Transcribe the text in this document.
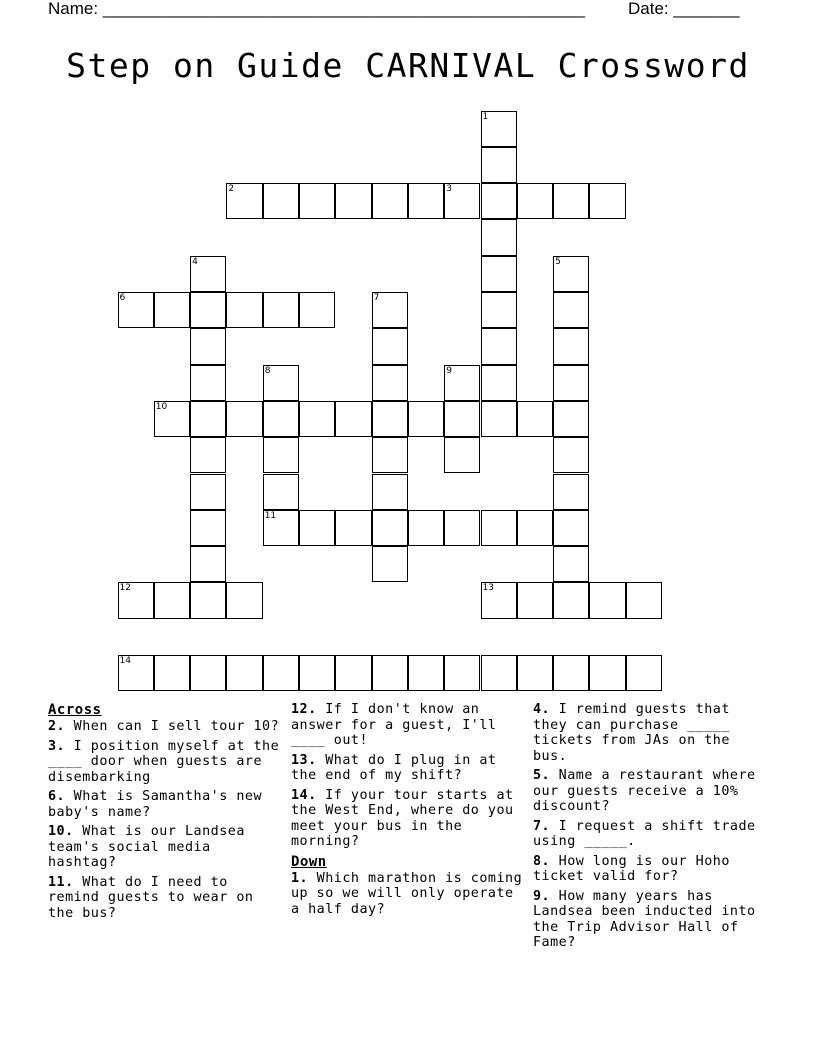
Name: ___________________________________________________	Date: _______
Step on Guide CARNIVAL Crossword
1
2	3
4	5
6	7
8	9
10
11
12	13
14
Across
2. When can I sell tour 10?
3. I position myself at the ____ door when guests are disembarking
6. What is Samantha's new baby's name?
10. What is our Landsea team's social media hashtag?
11. What do I need to remind guests to wear on the bus?
12. If I don't know an answer for a guest, I'll ____ out!
13. What do I plug in at the end of my shift?
14. If your tour starts at the West End, where do you meet your bus in the morning?
Down
1. Which marathon is coming up so we will only operate a half day?
4. I remind guests that they can purchase _____ tickets from JAs on the bus.
5. Name a restaurant where our guests receive a 10% discount?
7. I request a shift trade using _____.
8. How long is our Hoho ticket valid for?
9. How many years has Landsea been inducted into the Trip Advisor Hall of Fame?
